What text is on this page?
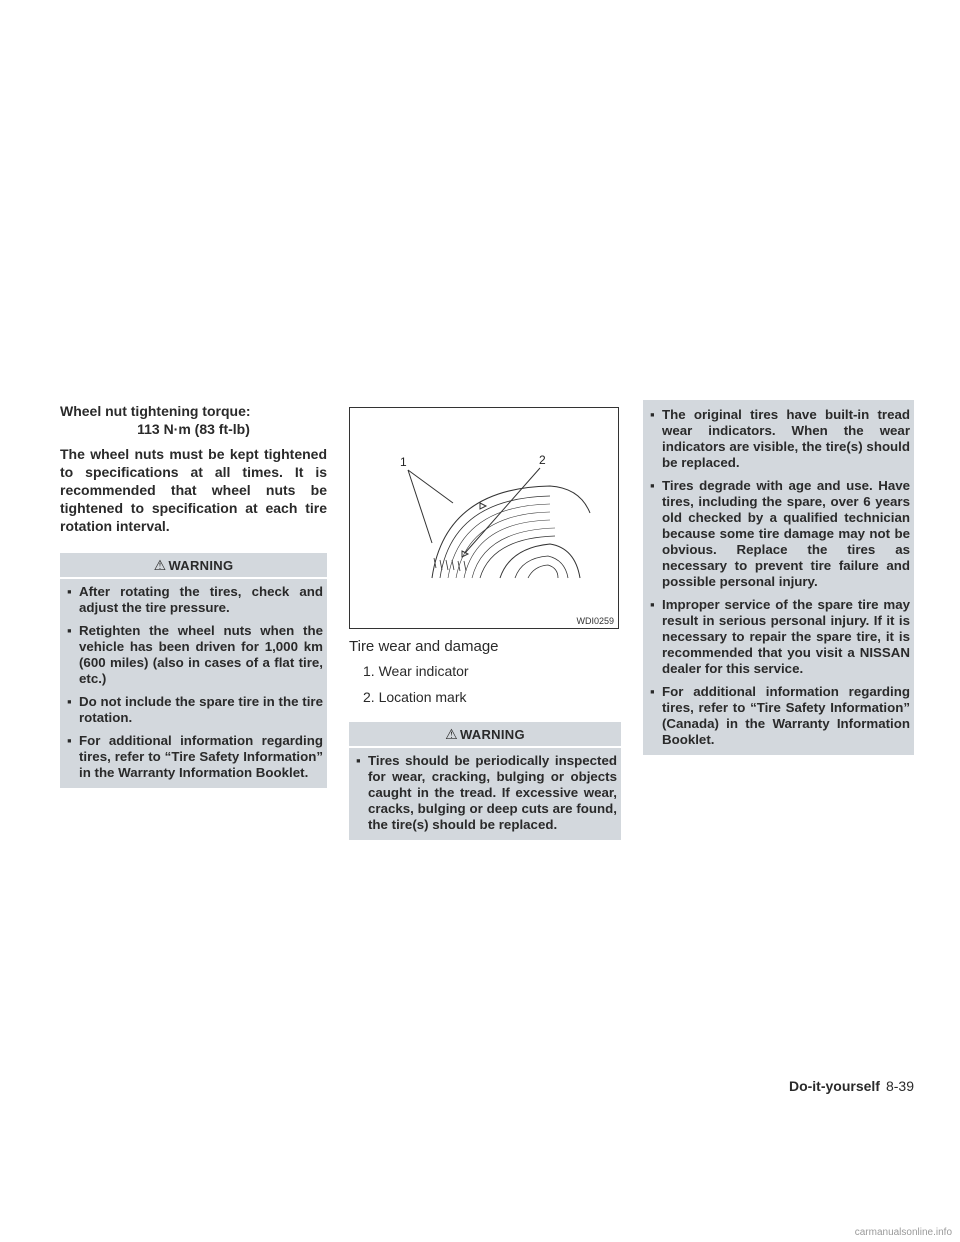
Wheel nut tightening torque:
113 N·m (83 ft-lb)

The wheel nuts must be kept tightened to specifications at all times. It is recommended that wheel nuts be tightened to specification at each tire rotation interval.

⚠ WARNING
▪ After rotating the tires, check and adjust the tire pressure.
▪ Retighten the wheel nuts when the vehicle has been driven for 1,000 km (600 miles) (also in cases of a flat tire, etc.)
▪ Do not include the spare tire in the tire rotation.
▪ For additional information regarding tires, refer to “Tire Safety Information” in the Warranty Information Booklet.
1	2
WDI0259
Tire wear and damage
1. Wear indicator
2. Location mark
⚠ WARNING
▪ Tires should be periodically inspected for wear, cracking, bulging or objects caught in the tread. If excessive wear, cracks, bulging or deep cuts are found, the tire(s) should be replaced.
▪ The original tires have built-in tread wear indicators. When the wear indicators are visible, the tire(s) should be replaced.
▪ Tires degrade with age and use. Have tires, including the spare, over 6 years old checked by a qualified technician because some tire damage may not be obvious. Replace the tires as necessary to prevent tire failure and possible personal injury.
▪ Improper service of the spare tire may result in serious personal injury. If it is necessary to repair the spare tire, it is recommended that you visit a NISSAN dealer for this service.
▪ For additional information regarding tires, refer to “Tire Safety Information” (Canada) in the Warranty Information Booklet.
Do-it-yourself 8-39
carmanualsonline.info
